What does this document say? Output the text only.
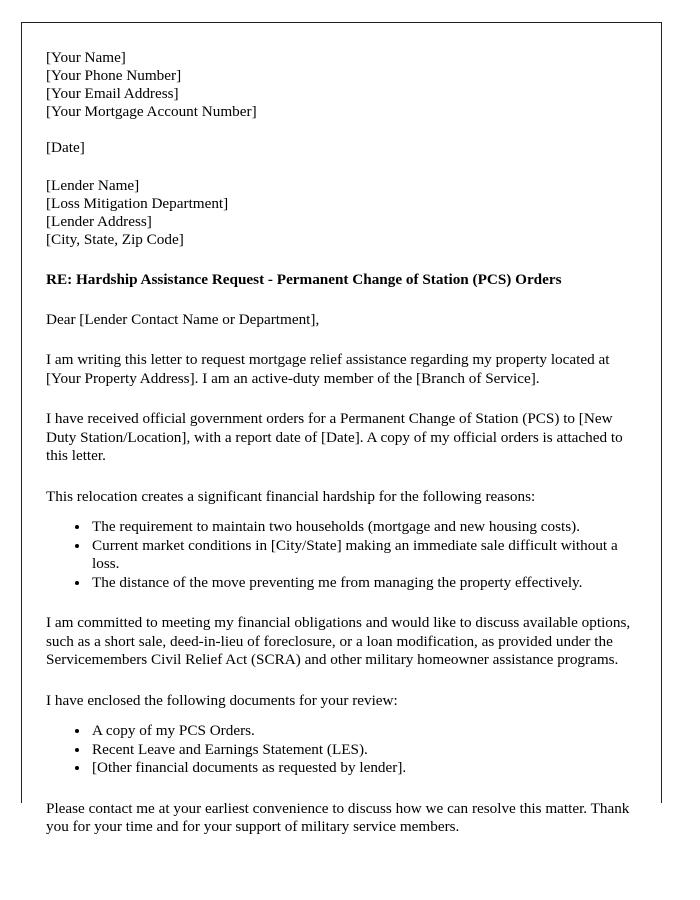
[Your Name]
[Your Phone Number]
[Your Email Address]
[Your Mortgage Account Number]
[Date]
[Lender Name]
[Loss Mitigation Department]
[Lender Address]
[City, State, Zip Code]
RE: Hardship Assistance Request - Permanent Change of Station (PCS) Orders
Dear [Lender Contact Name or Department],

I am writing this letter to request mortgage relief assistance regarding my property located at [Your Property Address]. I am an active-duty member of the [Branch of Service].

I have received official government orders for a Permanent Change of Station (PCS) to [New Duty Station/Location], with a report date of [Date]. A copy of my official orders is attached to this letter.

This relocation creates a significant financial hardship for the following reasons:

• The requirement to maintain two households (mortgage and new housing costs).
• Current market conditions in [City/State] making an immediate sale difficult without a loss.
• The distance of the move preventing me from managing the property effectively.

I am committed to meeting my financial obligations and would like to discuss available options, such as a short sale, deed-in-lieu of foreclosure, or a loan modification, as provided under the Servicemembers Civil Relief Act (SCRA) and other military homeowner assistance programs.

I have enclosed the following documents for your review:

• A copy of my PCS Orders.
• Recent Leave and Earnings Statement (LES).
• [Other financial documents as requested by lender].

Please contact me at your earliest convenience to discuss how we can resolve this matter. Thank you for your time and for your support of military service members.
